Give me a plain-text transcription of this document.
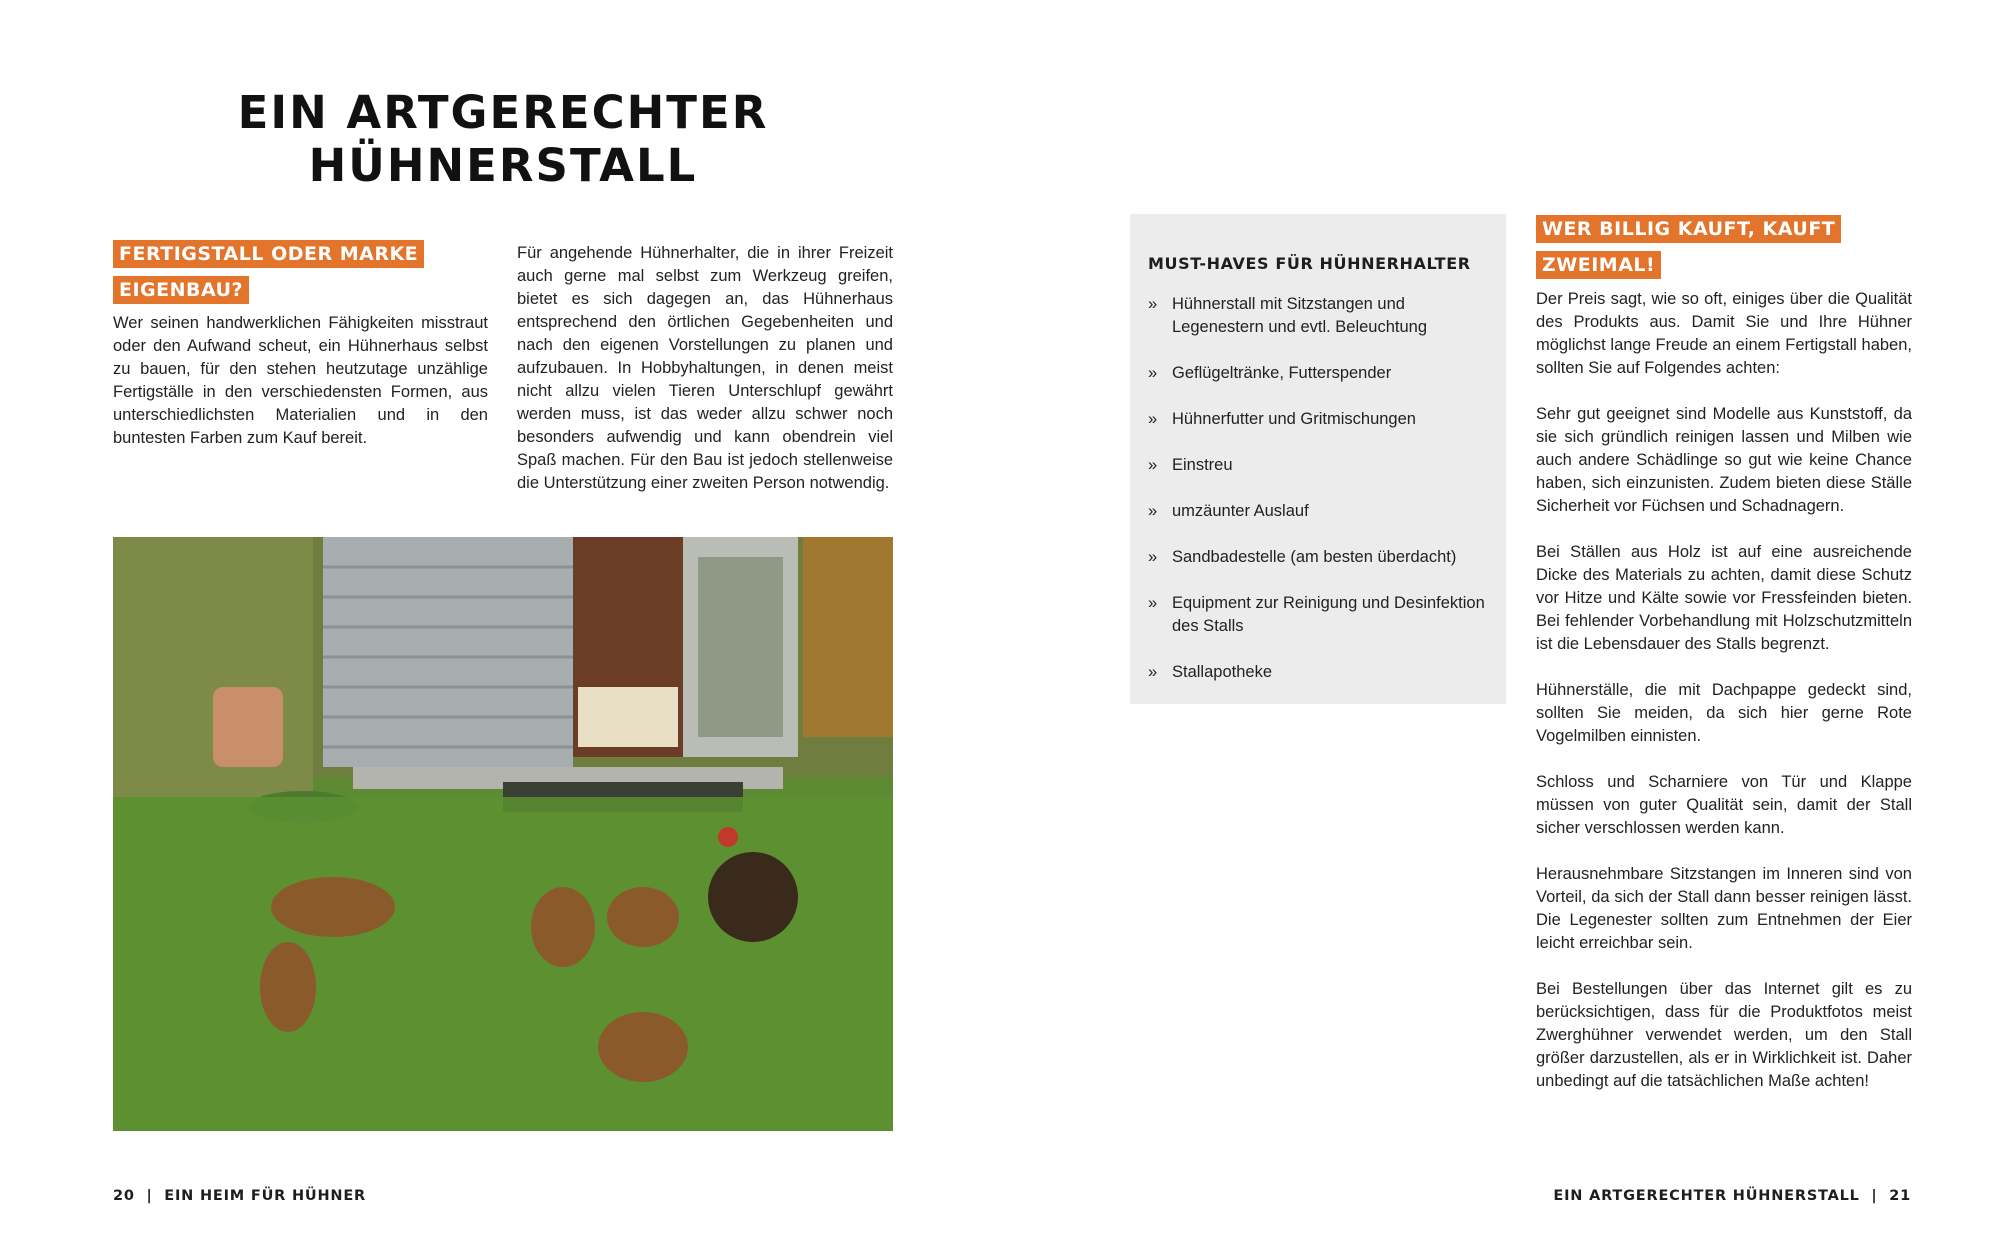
EIN ARTGERECHTER
HÜHNERSTALL
FERTIGSTALL ODER MARKE
EIGENBAU?

Wer seinen handwerklichen Fähigkeiten misstraut oder den Aufwand scheut, ein Hühnerhaus selbst zu bauen, für den stehen heutzutage unzählige Fertigställe in den verschiedensten Formen, aus unterschiedlichsten Materialien und in den buntesten Farben zum Kauf bereit.

Für angehende Hühnerhalter, die in ihrer Freizeit auch gerne mal selbst zum Werkzeug greifen, bietet es sich dagegen an, das Hühnerhaus entsprechend den örtlichen Gegebenheiten und nach den eigenen Vorstellungen zu planen und aufzubauen. In Hobbyhaltungen, in denen meist nicht allzu vielen Tieren Unterschlupf gewährt werden muss, ist das weder allzu schwer noch besonders aufwendig und kann obendrein viel Spaß machen. Für den Bau ist jedoch stellenweise die Unterstützung einer zweiten Person notwendig.

MUST-HAVES FÜR HÜHNERHALTER
» Hühnerstall mit Sitzstangen und Legenestern und evtl. Beleuchtung
» Geflügeltränke, Futterspender
» Hühnerfutter und Gritmischungen
» Einstreu
» umzäunter Auslauf
» Sandbadestelle (am besten überdacht)
» Equipment zur Reinigung und Desinfektion des Stalls
» Stallapotheke
WER BILLIG KAUFT, KAUFT
ZWEIMAL!

Der Preis sagt, wie so oft, einiges über die Qualität des Produkts aus. Damit Sie und Ihre Hühner möglichst lange Freude an einem Fertigstall haben, sollten Sie auf Folgendes achten:

Sehr gut geeignet sind Modelle aus Kunststoff, da sie sich gründlich reinigen lassen und Milben wie auch andere Schädlinge so gut wie keine Chance haben, sich einzunisten. Zudem bieten diese Ställe Sicherheit vor Füchsen und Schadnagern.

Bei Ställen aus Holz ist auf eine ausreichende Dicke des Materials zu achten, damit diese Schutz vor Hitze und Kälte sowie vor Fressfeinden bieten. Bei fehlender Vorbehandlung mit Holzschutzmitteln ist die Lebensdauer des Stalls begrenzt.

Hühnerställe, die mit Dachpappe gedeckt sind, sollten Sie meiden, da sich hier gerne Rote Vogelmilben einnisten.

Schloss und Scharniere von Tür und Klappe müssen von guter Qualität sein, damit der Stall sicher verschlossen werden kann.

Herausnehmbare Sitzstangen im Inneren sind von Vorteil, da sich der Stall dann besser reinigen lässt. Die Legenester sollten zum Entnehmen der Eier leicht erreichbar sein.

Bei Bestellungen über das Internet gilt es zu berücksichtigen, dass für die Produktfotos meist Zwerghühner verwendet werden, um den Stall größer darzustellen, als er in Wirklichkeit ist. Daher unbedingt auf die tatsächlichen Maße achten!

20  |  EIN HEIM FÜR HÜHNER	EIN ARTGERECHTER HÜHNERSTALL  |  21
